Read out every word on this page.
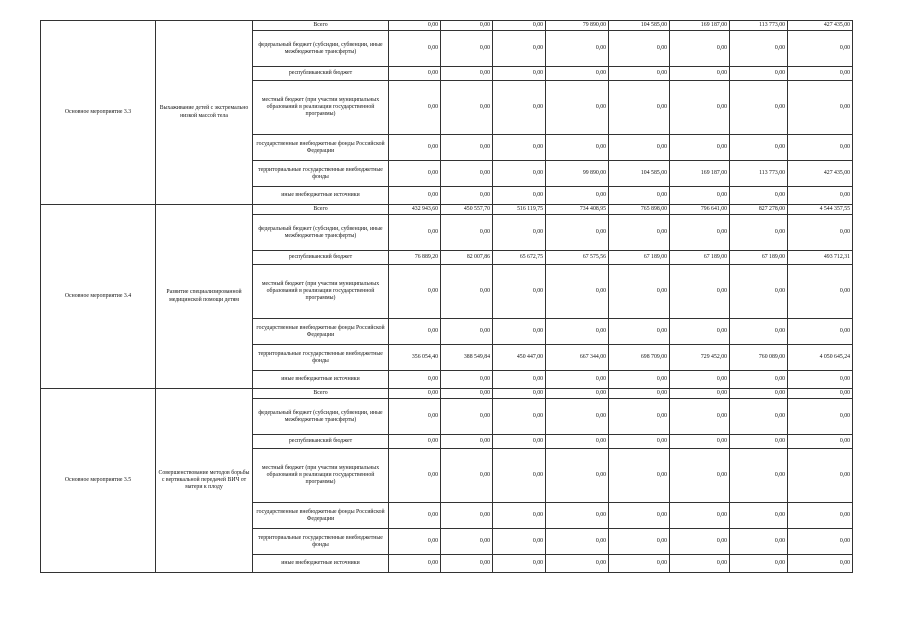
Основное мероприятие 3.3	Выхаживание детей с экстремально низкой массой тела	Всего	0,00	0,00	0,00	79 890,00	104 585,00	169 187,00	113 773,00	427 435,00
		федеральный бюджет (субсидии, субвенции, иные межбюджетные трансферты)	0,00	0,00	0,00	0,00	0,00	0,00	0,00	0,00
		республиканский бюджет	0,00	0,00	0,00	0,00	0,00	0,00	0,00	0,00
		местный бюджет (при участии муниципальных образований в реализации государственной программы)	0,00	0,00	0,00	0,00	0,00	0,00	0,00	0,00
		государственные внебюджетные фонды Российской Федерации	0,00	0,00	0,00	0,00	0,00	0,00	0,00	0,00
		территориальные государственные внебюджетные фонды	0,00	0,00	0,00	99 890,00	104 585,00	169 187,00	113 773,00	427 435,00
		иные внебюджетные источники	0,00	0,00	0,00	0,00	0,00	0,00	0,00	0,00
Основное мероприятие 3.4	Развитие специализированной медицинской помощи детям	Всего	432 943,60	450 557,70	516 119,75	734 408,95	765 898,00	796 641,00	827 278,00	4 544 357,55
		федеральный бюджет (субсидии, субвенции, иные межбюджетные трансферты)	0,00	0,00	0,00	0,00	0,00	0,00	0,00	0,00
		республиканский бюджет	76 889,20	82 007,86	65 672,75	67 575,56	67 189,00	67 189,00	67 189,00	493 712,31
		местный бюджет (при участии муниципальных образований в реализации государственной программы)	0,00	0,00	0,00	0,00	0,00	0,00	0,00	0,00
		государственные внебюджетные фонды Российской Федерации	0,00	0,00	0,00	0,00	0,00	0,00	0,00	0,00
		территориальные государственные внебюджетные фонды	356 054,40	388 549,84	450 447,00	667 344,00	698 709,00	729 452,00	760 089,00	4 050 645,24
		иные внебюджетные источники	0,00	0,00	0,00	0,00	0,00	0,00	0,00	0,00
Основное мероприятие 3.5	Совершенствование методов борьбы с вертикальной передачей ВИЧ от матери к плоду	Всего	0,00	0,00	0,00	0,00	0,00	0,00	0,00	0,00
		федеральный бюджет (субсидии, субвенции, иные межбюджетные трансферты)	0,00	0,00	0,00	0,00	0,00	0,00	0,00	0,00
		республиканский бюджет	0,00	0,00	0,00	0,00	0,00	0,00	0,00	0,00
		местный бюджет (при участии муниципальных образований в реализации государственной программы)	0,00	0,00	0,00	0,00	0,00	0,00	0,00	0,00
		государственные внебюджетные фонды Российской Федерации	0,00	0,00	0,00	0,00	0,00	0,00	0,00	0,00
		территориальные государственные внебюджетные фонды	0,00	0,00	0,00	0,00	0,00	0,00	0,00	0,00
		иные внебюджетные источники	0,00	0,00	0,00	0,00	0,00	0,00	0,00	0,00
